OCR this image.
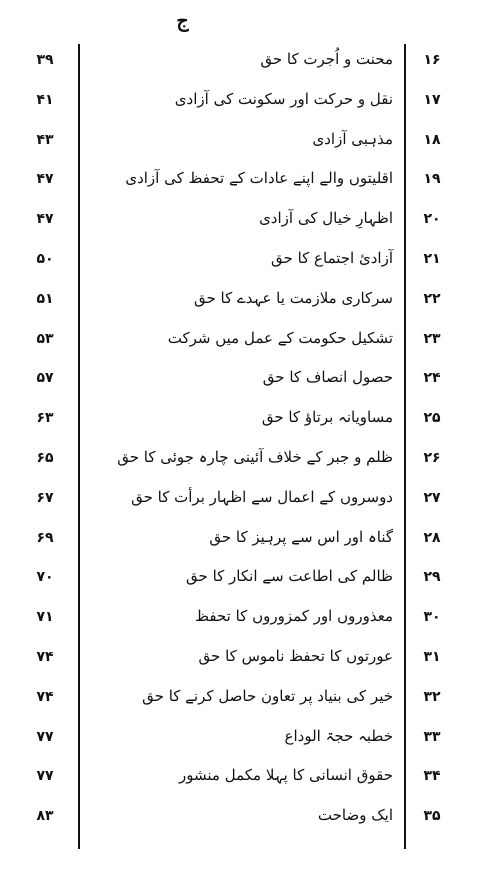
ج
۳۹	محنت و اُجرت کا حق	۱۶
۴۱	نقل و حرکت اور سکونت کی آزادی	۱۷
۴۳	مذہبی آزادی	۱۸
۴۷	اقلیتوں والے اپنے عادات کے تحفظ کی آزادی	۱۹
۴۷	اظہارِ خیال کی آزادی	۲۰
۵۰	آزادیٔ اجتماع کا حق	۲۱
۵۱	سرکاری ملازمت یا عہدے کا حق	۲۲
۵۳	تشکیل حکومت کے عمل میں شرکت	۲۳
۵۷	حصول انصاف کا حق	۲۴
۶۳	مساویانہ برتاؤ کا حق	۲۵
۶۵	ظلم و جبر کے خلاف آئینی چارہ جوئی کا حق	۲۶
۶۷	دوسروں کے اعمال سے اظہار برأت کا حق	۲۷
۶۹	گناہ اور اس سے پرہیز کا حق	۲۸
۷۰	ظالم کی اطاعت سے انکار کا حق	۲۹
۷۱	معذوروں اور کمزوروں کا تحفظ	۳۰
۷۴	عورتوں کا تحفظ ناموس کا حق	۳۱
۷۴	خیر کی بنیاد پر تعاون حاصل کرنے کا حق	۳۲
۷۷	خطبہ حجۃ الوداع	۳۳
۷۷	حقوق انسانی کا پہلا مکمل منشور	۳۴
۸۳	ایک وضاحت	۳۵
